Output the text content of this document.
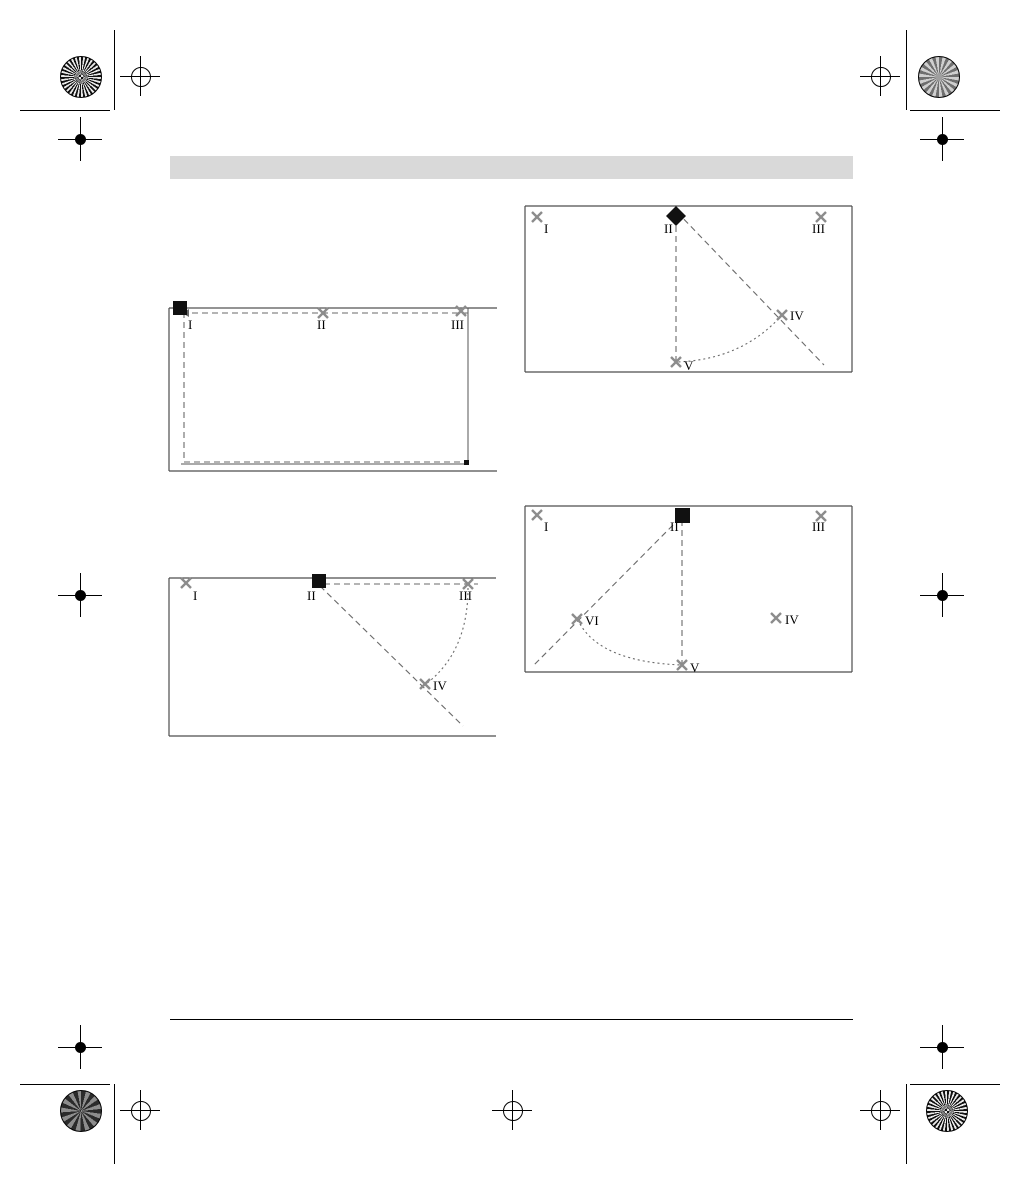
I	II	III
I	II	III
IV
V
I	II	III
IV
I	II	III
IV
V
VI
